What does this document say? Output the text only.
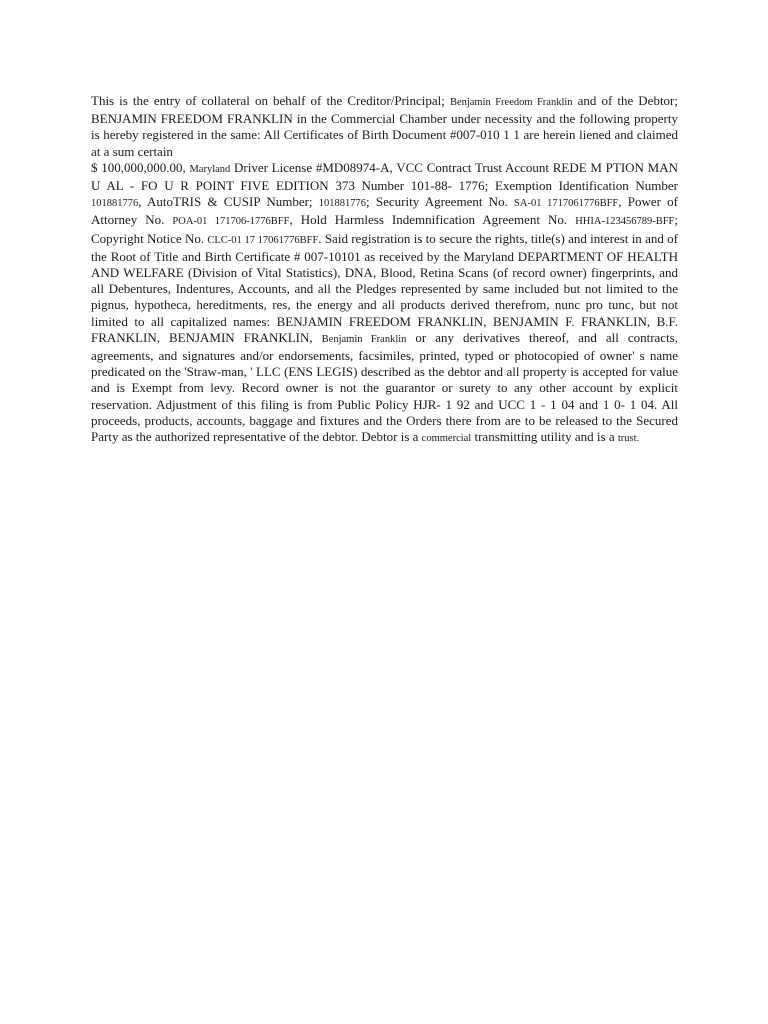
This is the entry of collateral on behalf of the Creditor/Principal; Benjamin Freedom Franklin and of the Debtor; BENJAMIN FREEDOM FRANKLIN in the Commercial Chamber under necessity and the following property is hereby registered in the same: All Certificates of Birth Document #007-010 1 1 are herein liened and claimed at a sum certain

$ 100,000,000.00, Maryland Driver License #MD08974-A, VCC Contract Trust Account REDE M PTION MAN U AL - FO U R POINT FIVE EDITION 373 Number 101-88- 1776; Exemption Identification Number 101881776, AutoTRIS & CUSIP Number; 101881776; Security Agreement No. SA-01 1717061776BFF, Power of Attorney No. POA-01 171706-1776BFF, Hold Harmless Indemnification Agreement No. HHIA-123456789-BFF; Copyright Notice No. CLC-01 17 17061776BFF. Said registration is to secure the rights, title(s) and interest in and of the Root of Title and Birth Certificate # 007-10101 as received by the Maryland DEPARTMENT OF HEALTH AND WELFARE (Division of Vital Statistics), DNA, Blood, Retina Scans (of record owner) fingerprints, and all Debentures, Indentures, Accounts, and all the Pledges represented by same included but not limited to the pignus, hypotheca, hereditments, res, the energy and all products derived therefrom, nunc pro tunc, but not limited to all capitalized names: BENJAMIN FREEDOM FRANKLIN, BENJAMIN F. FRANKLIN, B.F. FRANKLIN, BENJAMIN FRANKLIN, Benjamin Franklin or any derivatives thereof, and all contracts, agreements, and signatures and/or endorsements, facsimiles, printed, typed or photocopied of owner' s name predicated on the 'Straw-man, ' LLC (ENS LEGIS) described as the debtor and all property is accepted for value and is Exempt from levy. Record owner is not the guarantor or surety to any other account by explicit reservation. Adjustment of this filing is from Public Policy HJR- 1 92 and UCC 1 - 1 04 and 1 0- 1 04. All proceeds, products, accounts, baggage and fixtures and the Orders there from are to be released to the Secured Party as the authorized representative of the debtor. Debtor is a commercial transmitting utility and is a trust.
